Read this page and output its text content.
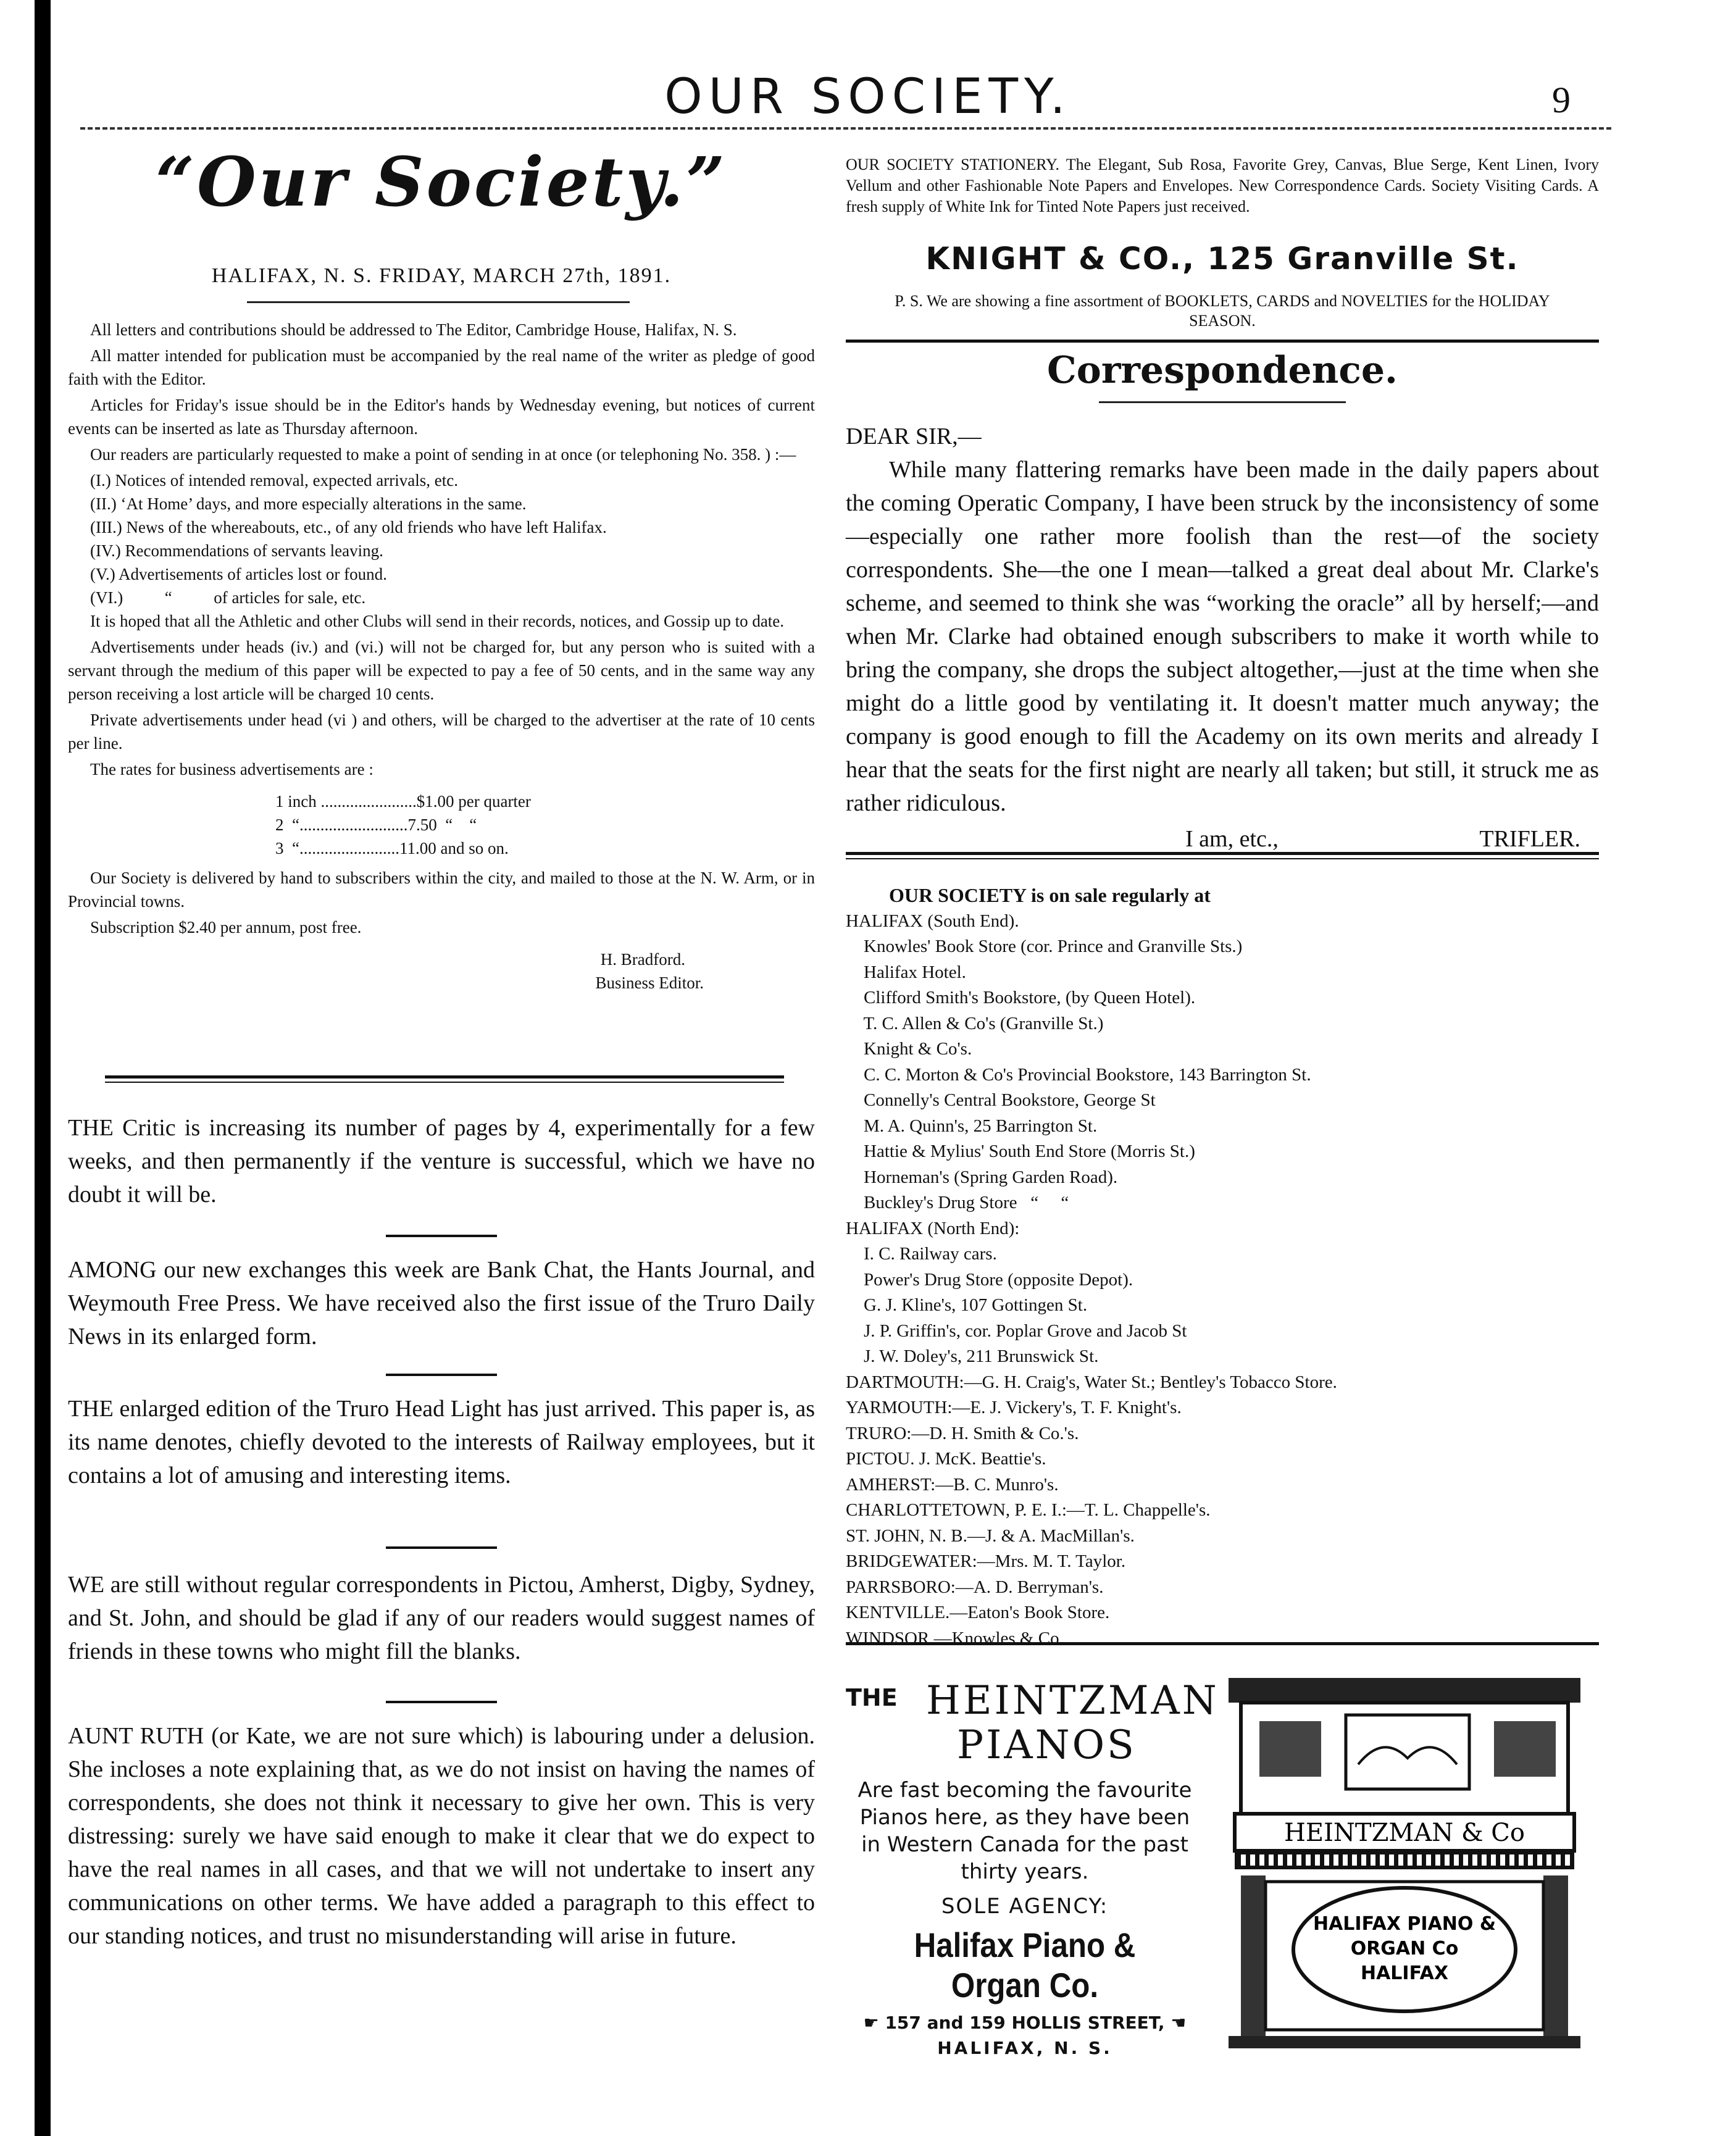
OUR SOCIETY.	9
“Our Society.”
HALIFAX, N. S. FRIDAY, MARCH 27th, 1891.

All letters and contributions should be addressed to The Editor, Cambridge House, Halifax, N. S.

All matter intended for publication must be accompanied by the real name of the writer as pledge of good faith with the Editor.

Articles for Friday's issue should be in the Editor's hands by Wednesday evening, but notices of current events can be inserted as late as Thursday afternoon.

Our readers are particularly requested to make a point of sending in at once (or telephoning No. 358. ) :—

(I.) Notices of intended removal, expected arrivals, etc.

(II.) ‘At Home’ days, and more especially alterations in the same.

(III.) News of the whereabouts, etc., of any old friends who have left Halifax.

(IV.) Recommendations of servants leaving.

(V.) Advertisements of articles lost or found.

(VI.)          “          of articles for sale, etc.

It is hoped that all the Athletic and other Clubs will send in their records, notices, and Gossip up to date.

Advertisements under heads (iv.) and (vi.) will not be charged for, but any person who is suited with a servant through the medium of this paper will be expected to pay a fee of 50 cents, and in the same way any person receiving a lost article will be charged 10 cents.

Private advertisements under head (vi ) and others, will be charged to the advertiser at the rate of 10 cents per line.

The rates for business advertisements are :

1 inch .......................$1.00 per quarter
2  “..........................7.50  “    “
3  “........................11.00 and so on.

Our Society is delivered by hand to subscribers within the city, and mailed to those at the N. W. Arm, or in Provincial towns.

Subscription $2.40 per annum, post free.

H. Bradford.
Business Editor.

THE Critic is increasing its number of pages by 4, experimentally for a few weeks, and then permanently if the venture is successful, which we have no doubt it will be.

AMONG our new exchanges this week are Bank Chat, the Hants Journal, and Weymouth Free Press. We have received also the first issue of the Truro Daily News in its enlarged form.

THE enlarged edition of the Truro Head Light has just arrived. This paper is, as its name denotes, chiefly devoted to the interests of Railway employees, but it contains a lot of amusing and interesting items.

WE are still without regular correspondents in Pictou, Amherst, Digby, Sydney, and St. John, and should be glad if any of our readers would suggest names of friends in these towns who might fill the blanks.

AUNT RUTH (or Kate, we are not sure which) is labouring under a delusion. She incloses a note explaining that, as we do not insist on having the names of correspondents, she does not think it necessary to give her own. This is very distressing: surely we have said enough to make it clear that we do expect to have the real names in all cases, and that we will not undertake to insert any communications on other terms. We have added a paragraph to this effect to our standing notices, and trust no misunderstanding will arise in future.

OUR SOCIETY STATIONERY. The Elegant, Sub Rosa, Favorite Grey, Canvas, Blue Serge, Kent Linen, Ivory Vellum and other Fashionable Note Papers and Envelopes. New Correspondence Cards. Society Visiting Cards. A fresh supply of White Ink for Tinted Note Papers just received.
KNIGHT & CO., 125 Granville St.
P. S. We are showing a fine assortment of BOOKLETS, CARDS and NOVELTIES for the HOLIDAY SEASON.
Correspondence.

DEAR SIR,—

While many flattering remarks have been made in the daily papers about the coming Operatic Company, I have been struck by the inconsistency of some —especially one rather more foolish than the rest—of the society correspondents. She—the one I mean—talked a great deal about Mr. Clarke's scheme, and seemed to think she was “working the oracle” all by herself;—and when Mr. Clarke had obtained enough subscribers to make it worth while to bring the company, she drops the subject altogether,—just at the time when she might do a little good by ventilating it. It doesn't matter much anyway; the company is good enough to fill the Academy on its own merits and already I hear that the seats for the first night are nearly all taken; but still, it struck me as rather ridiculous.

I am, etc.,	TRIFLER.
OUR SOCIETY is on sale regularly at
HALIFAX (South End).
Knowles' Book Store (cor. Prince and Granville Sts.)
Halifax Hotel.
Clifford Smith's Bookstore, (by Queen Hotel).
T. C. Allen & Co's (Granville St.)
Knight & Co's.
C. C. Morton & Co's Provincial Bookstore, 143 Barrington St.
Connelly's Central Bookstore, George St
M. A. Quinn's, 25 Barrington St.
Hattie & Mylius' South End Store (Morris St.)
Horneman's (Spring Garden Road).
Buckley's Drug Store   “     “
HALIFAX (North End):
I. C. Railway cars.
Power's Drug Store (opposite Depot).
G. J. Kline's, 107 Gottingen St.
J. P. Griffin's, cor. Poplar Grove and Jacob St
J. W. Doley's, 211 Brunswick St.
DARTMOUTH:—G. H. Craig's, Water St.; Bentley's Tobacco Store.
YARMOUTH:—E. J. Vickery's, T. F. Knight's.
TRURO:—D. H. Smith & Co.'s.
PICTOU. J. McK. Beattie's.
AMHERST:—B. C. Munro's.
CHARLOTTETOWN, P. E. I.:—T. L. Chappelle's.
ST. JOHN, N. B.—J. & A. MacMillan's.
BRIDGEWATER:—Mrs. M. T. Taylor.
PARRSBORO:—A. D. Berryman's.
KENTVILLE.—Eaton's Book Store.
WINDSOR.—Knowles & Co.
THE HEINTZMAN
PIANOS
Are fast becoming the favourite Pianos here, as they have been in Western Canada for the past thirty years.
SOLE AGENCY:
Halifax Piano & Organ Co.
☛ 157 and 159 HOLLIS STREET, ☚
HALIFAX, N. S.
HEINTZMAN & Co
HALIFAX PIANO &
ORGAN Co
HALIFAX
